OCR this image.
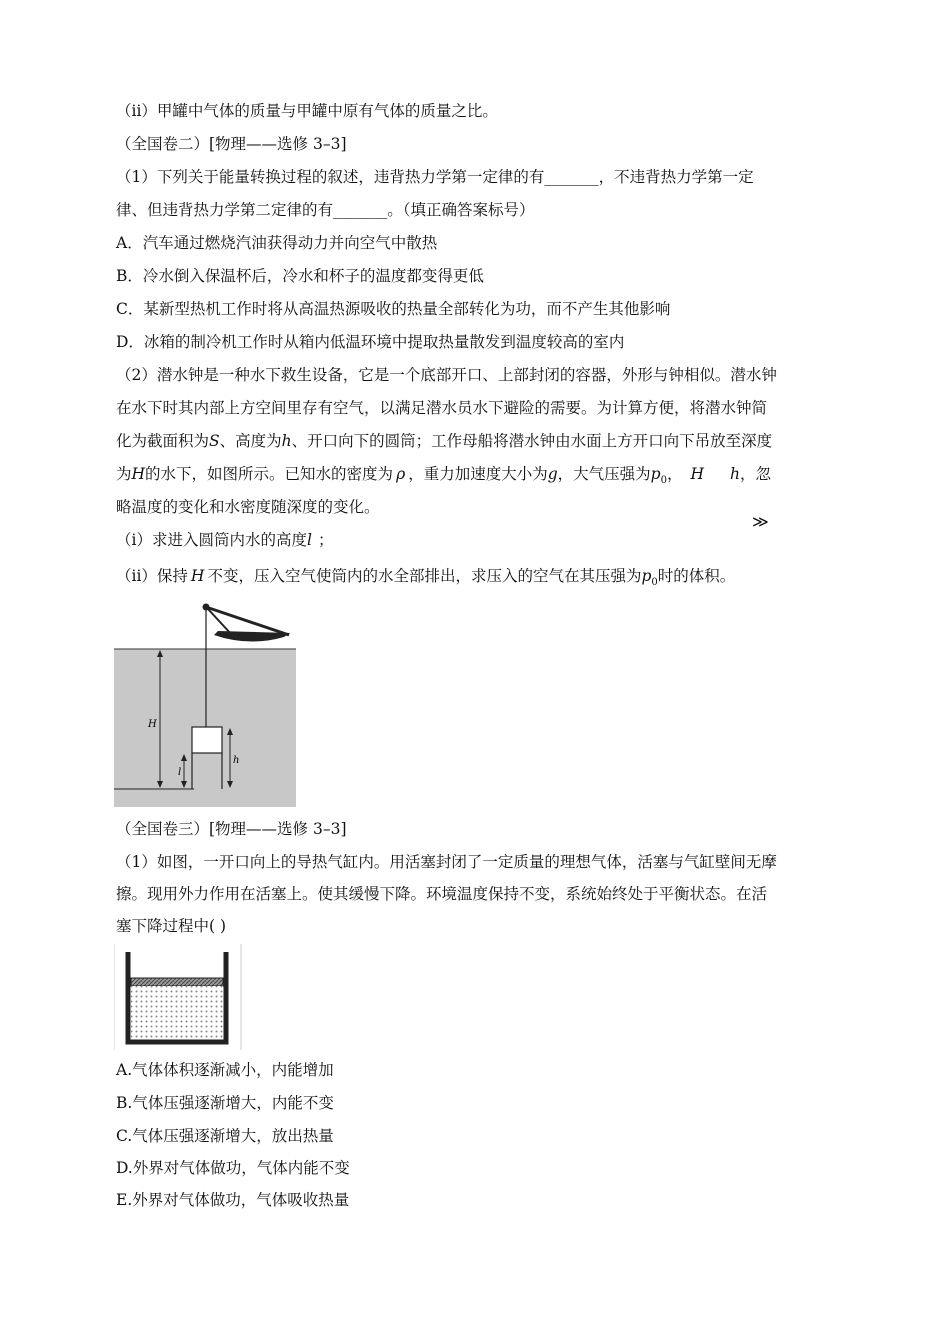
（ii）甲罐中气体的质量与甲罐中原有气体的质量之比。
（全国卷二）[物理——选修 3–3]
（1）下列关于能量转换过程的叙述，违背热力学第一定律的有_______，不违背热力学第一定
律、但违背热力学第二定律的有_______。（填正确答案标号）
A．汽车通过燃烧汽油获得动力并向空气中散热
B．冷水倒入保温杯后，冷水和杯子的温度都变得更低
C．某新型热机工作时将从高温热源吸收的热量全部转化为功，而不产生其他影响
D．冰箱的制冷机工作时从箱内低温环境中提取热量散发到温度较高的室内
（2）潜水钟是一种水下救生设备，它是一个底部开口、上部封闭的容器，外形与钟相似。潜水钟
在水下时其内部上方空间里存有空气，以满足潜水员水下避险的需要。为计算方便，将潜水钟简
化为截面积为S、高度为h、开口向下的圆筒；工作母船将潜水钟由水面上方开口向下吊放至深度
为H的水下，如图所示。已知水的密度为 ρ ，重力加速度大小为g，大气压强为$p_0$， H h，忽
略温度的变化和水密度随深度的变化。
≫
（i）求进入圆筒内水的高度l ；
（ii）保持 H 不变，压入空气使筒内的水全部排出，求压入的空气在其压强为$p_0$时的体积。
H
h
l
（全国卷三）[物理——选修 3–3]
（1）如图，一开口向上的导热气缸内。用活塞封闭了一定质量的理想气体，活塞与气缸壁间无摩
擦。现用外力作用在活塞上。使其缓慢下降。环境温度保持不变，系统始终处于平衡状态。在活
塞下降过程中( )
A.气体体积逐渐减小，内能增加
B.气体压强逐渐增大，内能不变
C.气体压强逐渐增大，放出热量
D.外界对气体做功，气体内能不变
E.外界对气体做功，气体吸收热量
